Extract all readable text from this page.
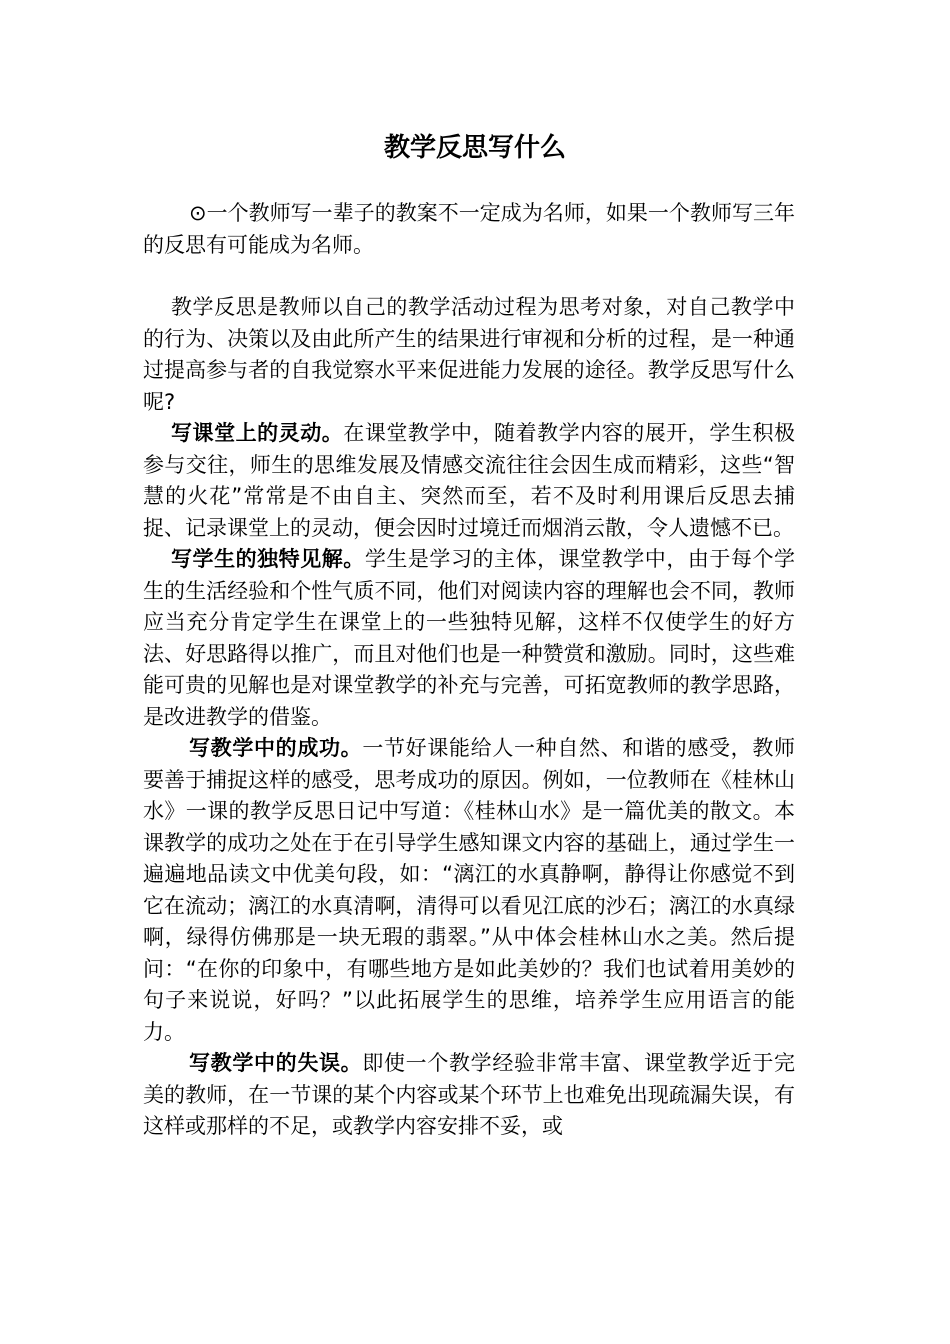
教学反思写什么

⊙一个教师写一辈子的教案不一定成为名师，如果一个教师写三年的反思有可能成为名师。

教学反思是教师以自己的教学活动过程为思考对象，对自己教学中的行为、决策以及由此所产生的结果进行审视和分析的过程，是一种通过提高参与者的自我觉察水平来促进能力发展的途径。教学反思写什么呢?

写课堂上的灵动。在课堂教学中，随着教学内容的展开，学生积极参与交往，师生的思维发展及情感交流往往会因生成而精彩，这些“智慧的火花”常常是不由自主、突然而至，若不及时利用课后反思去捕捉、记录课堂上的灵动，便会因时过境迁而烟消云散，令人遗憾不已。

写学生的独特见解。学生是学习的主体，课堂教学中，由于每个学生的生活经验和个性气质不同，他们对阅读内容的理解也会不同，教师应当充分肯定学生在课堂上的一些独特见解，这样不仅使学生的好方法、好思路得以推广，而且对他们也是一种赞赏和激励。同时，这些难能可贵的见解也是对课堂教学的补充与完善，可拓宽教师的教学思路，是改进教学的借鉴。

写教学中的成功。一节好课能给人一种自然、和谐的感受，教师要善于捕捉这样的感受，思考成功的原因。例如，一位教师在《桂林山水》一课的教学反思日记中写道：《桂林山水》是一篇优美的散文。本课教学的成功之处在于在引导学生感知课文内容的基础上，通过学生一遍遍地品读文中优美句段，如：“漓江的水真静啊，静得让你感觉不到它在流动；漓江的水真清啊，清得可以看见江底的沙石；漓江的水真绿啊，绿得仿佛那是一块无瑕的翡翠。”从中体会桂林山水之美。然后提问：“在你的印象中，有哪些地方是如此美妙的？我们也试着用美妙的句子来说说，好吗？”以此拓展学生的思维，培养学生应用语言的能力。

写教学中的失误。即使一个教学经验非常丰富、课堂教学近于完美的教师，在一节课的某个内容或某个环节上也难免出现疏漏失误，有这样或那样的不足，或教学内容安排不妥，或
